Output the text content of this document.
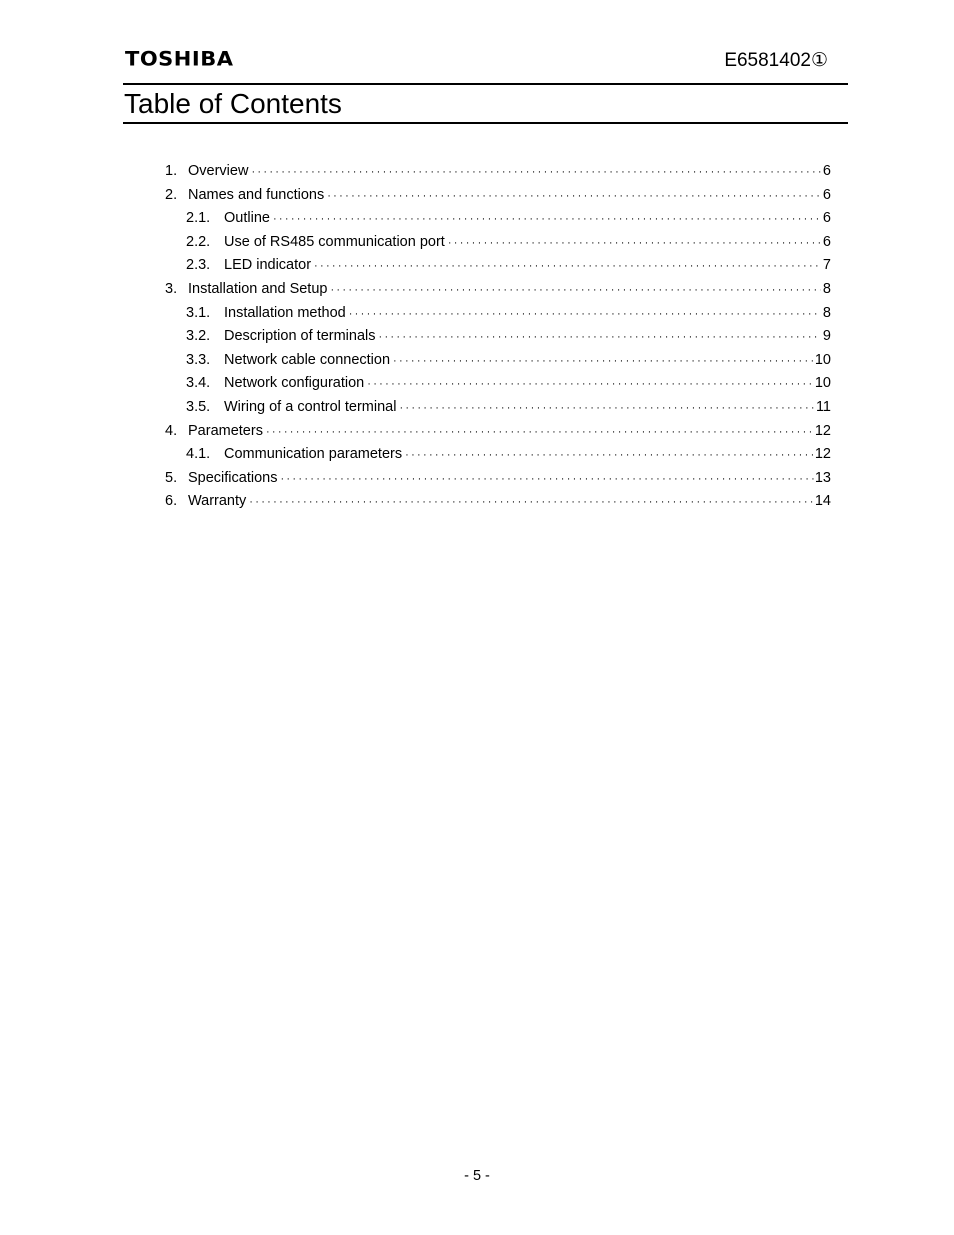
TOSHIBA	E6581402①
Table of Contents
1. Overview ·····	6
2. Names and functions ·····	6
2.1. Outline ·····	6
2.2. Use of RS485 communication port ·····	6
2.3. LED indicator ·····	7
3. Installation and Setup ·····	8
3.1. Installation method ·····	8
3.2. Description of terminals ·····	9
3.3. Network cable connection ·····	10
3.4. Network configuration ·····	10
3.5. Wiring of a control terminal ·····	11
4. Parameters ·····	12
4.1. Communication parameters ·····	12
5. Specifications ·····	13
6. Warranty ·····	14
- 5 -
